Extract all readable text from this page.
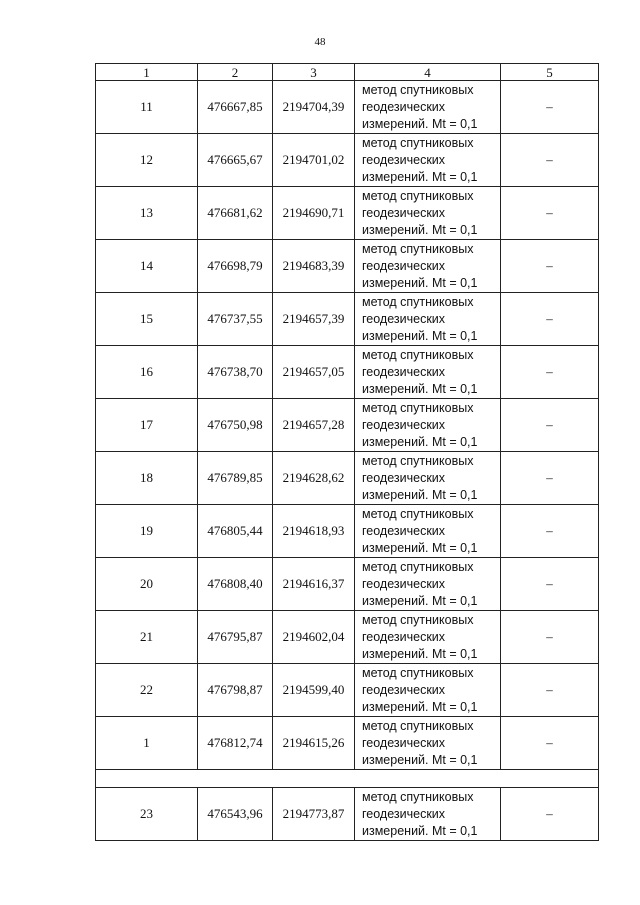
48
1	2	3	4	5
11	476667,85	2194704,39	метод спутниковых
геодезических
измерений. Mt = 0,1	–
12	476665,67	2194701,02	метод спутниковых
геодезических
измерений. Mt = 0,1	–
13	476681,62	2194690,71	метод спутниковых
геодезических
измерений. Mt = 0,1	–
14	476698,79	2194683,39	метод спутниковых
геодезических
измерений. Mt = 0,1	–
15	476737,55	2194657,39	метод спутниковых
геодезических
измерений. Mt = 0,1	–
16	476738,70	2194657,05	метод спутниковых
геодезических
измерений. Mt = 0,1	–
17	476750,98	2194657,28	метод спутниковых
геодезических
измерений. Mt = 0,1	–
18	476789,85	2194628,62	метод спутниковых
геодезических
измерений. Mt = 0,1	–
19	476805,44	2194618,93	метод спутниковых
геодезических
измерений. Mt = 0,1	–
20	476808,40	2194616,37	метод спутниковых
геодезических
измерений. Mt = 0,1	–
21	476795,87	2194602,04	метод спутниковых
геодезических
измерений. Mt = 0,1	–
22	476798,87	2194599,40	метод спутниковых
геодезических
измерений. Mt = 0,1	–
1	476812,74	2194615,26	метод спутниковых
геодезических
измерений. Mt = 0,1	–

23	476543,96	2194773,87	метод спутниковых
геодезических
измерений. Mt = 0,1	–
